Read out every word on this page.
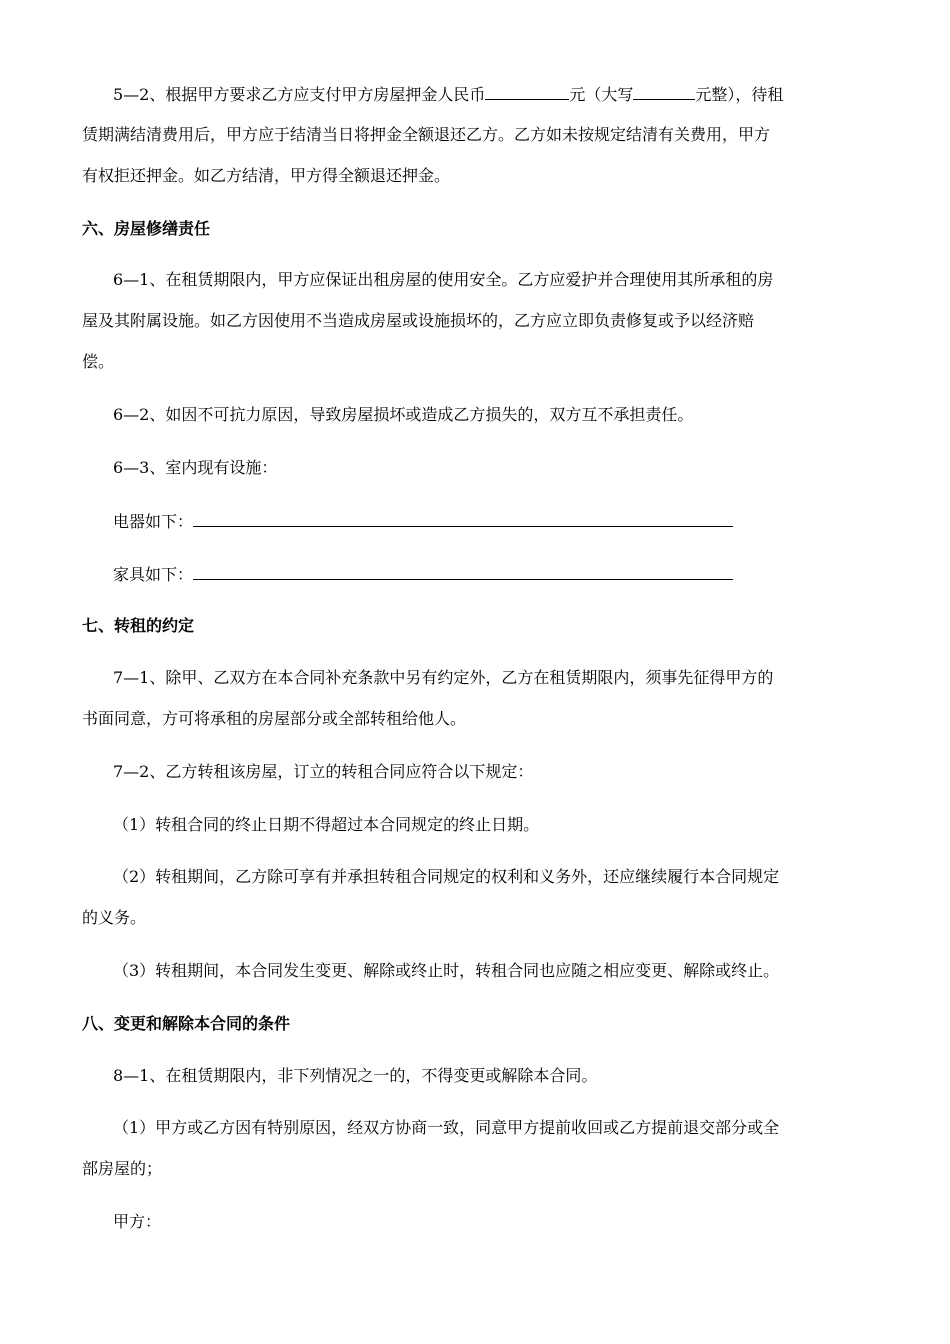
5—2、根据甲方要求乙方应支付甲方房屋押金人民币	元（大写	元整），待租

赁期满结清费用后，甲方应于结清当日将押金全额退还乙方。乙方如未按规定结清有关费用，甲方

有权拒还押金。如乙方结清，甲方得全额退还押金。

六、房屋修缮责任

6—1、在租赁期限内，甲方应保证出租房屋的使用安全。乙方应爱护并合理使用其所承租的房

屋及其附属设施。如乙方因使用不当造成房屋或设施损坏的，乙方应立即负责修复或予以经济赔

偿。

6—2、如因不可抗力原因，导致房屋损坏或造成乙方损失的，双方互不承担责任。

6—3、室内现有设施：

电器如下：

家具如下：

七、转租的约定

7—1、除甲、乙双方在本合同补充条款中另有约定外，乙方在租赁期限内，须事先征得甲方的

书面同意，方可将承租的房屋部分或全部转租给他人。

7—2、乙方转租该房屋，订立的转租合同应符合以下规定：

（1）转租合同的终止日期不得超过本合同规定的终止日期。

（2）转租期间，乙方除可享有并承担转租合同规定的权利和义务外，还应继续履行本合同规定

的义务。

（3）转租期间，本合同发生变更、解除或终止时，转租合同也应随之相应变更、解除或终止。

八、变更和解除本合同的条件

8—1、在租赁期限内，非下列情况之一的，不得变更或解除本合同。

（1）甲方或乙方因有特别原因，经双方协商一致，同意甲方提前收回或乙方提前退交部分或全

部房屋的；

甲方：
